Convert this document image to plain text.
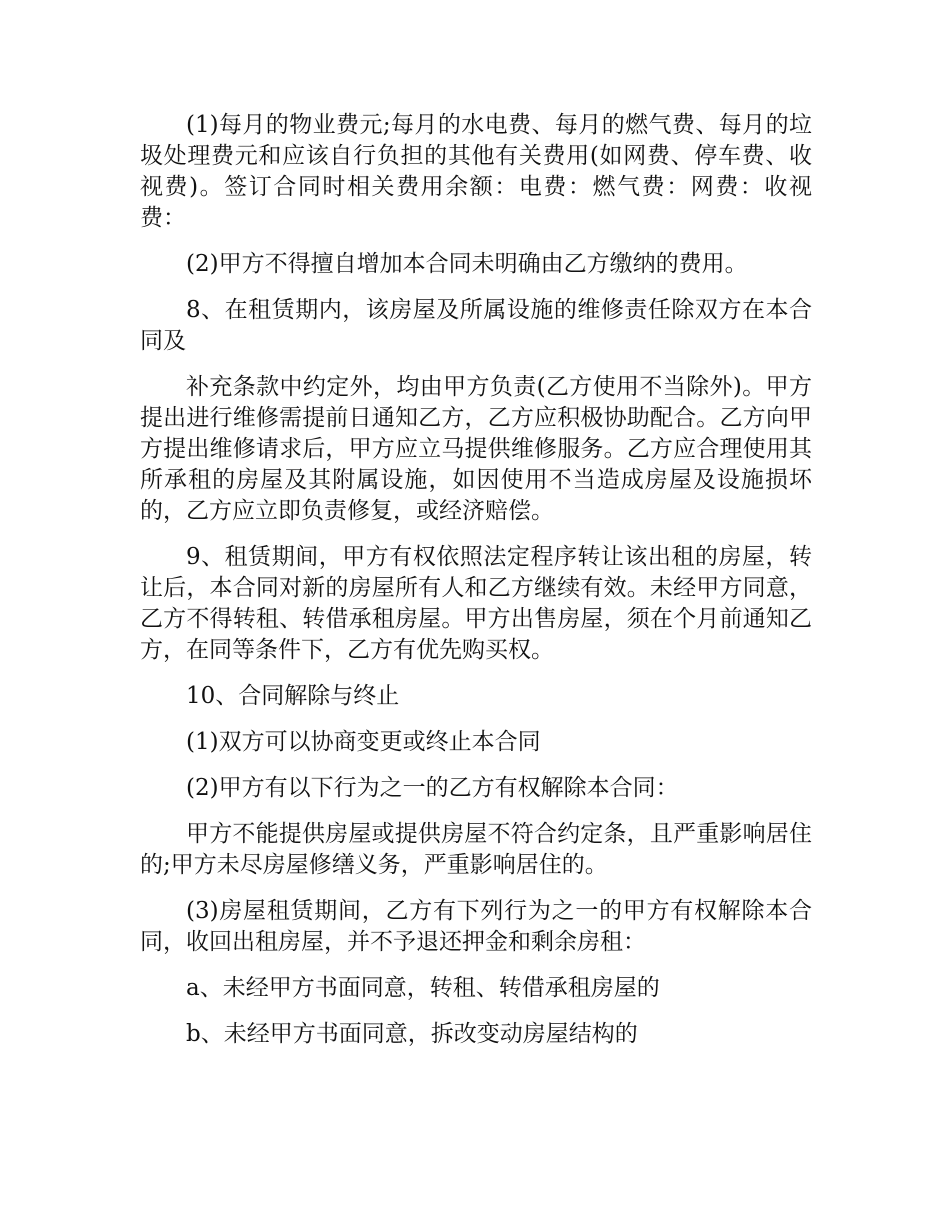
(1)每月的物业费元;每月的水电费、每月的燃气费、每月的垃圾处理费元和应该自行负担的其他有关费用(如网费、停车费、收视费)。签订合同时相关费用余额：电费：燃气费：网费：收视费：

(2)甲方不得擅自增加本合同未明确由乙方缴纳的费用。

8、在租赁期内，该房屋及所属设施的维修责任除双方在本合同及

补充条款中约定外，均由甲方负责(乙方使用不当除外)。甲方提出进行维修需提前日通知乙方，乙方应积极协助配合。乙方向甲方提出维修请求后，甲方应立马提供维修服务。乙方应合理使用其所承租的房屋及其附属设施，如因使用不当造成房屋及设施损坏的，乙方应立即负责修复，或经济赔偿。

9、租赁期间，甲方有权依照法定程序转让该出租的房屋，转让后，本合同对新的房屋所有人和乙方继续有效。未经甲方同意，乙方不得转租、转借承租房屋。甲方出售房屋，须在个月前通知乙方，在同等条件下，乙方有优先购买权。

10、合同解除与终止

(1)双方可以协商变更或终止本合同

(2)甲方有以下行为之一的乙方有权解除本合同：

甲方不能提供房屋或提供房屋不符合约定条，且严重影响居住的;甲方未尽房屋修缮义务，严重影响居住的。

(3)房屋租赁期间，乙方有下列行为之一的甲方有权解除本合同，收回出租房屋，并不予退还押金和剩余房租：

a、未经甲方书面同意，转租、转借承租房屋的

b、未经甲方书面同意，拆改变动房屋结构的
